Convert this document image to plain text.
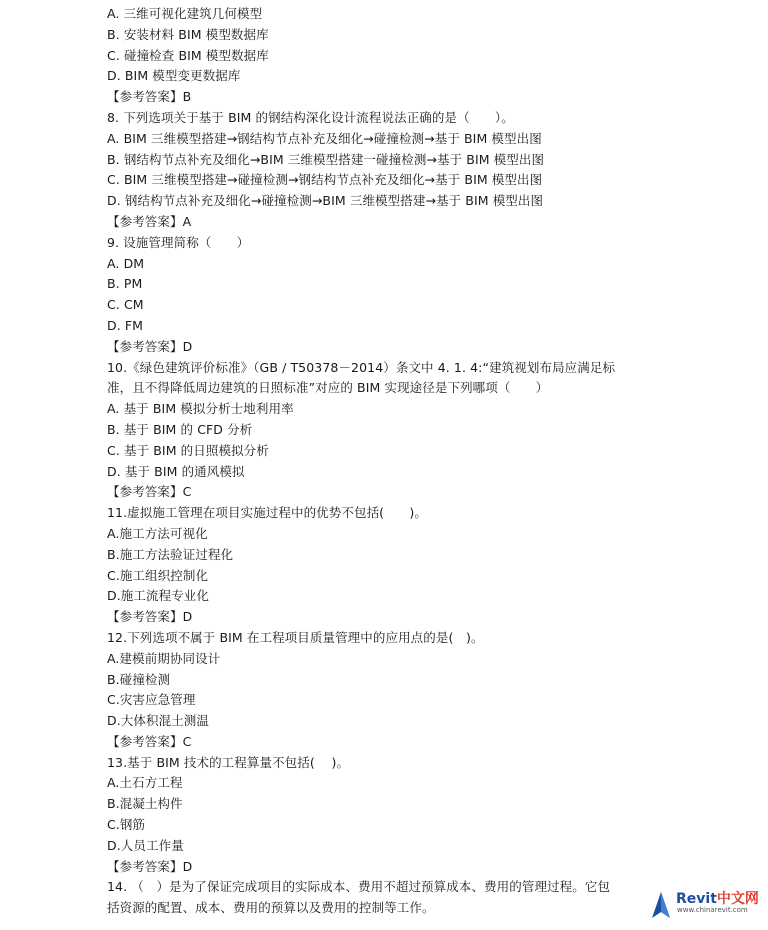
A. 三维可视化建筑几何模型
B. 安装材料 BIM 模型数据库
C. 碰撞检查 BIM 模型数据库
D. BIM 模型变更数据库
【参考答案】B
8. 下列选项关于基于 BIM 的钢结构深化设计流程说法正确的是（　　）。
A. BIM 三维模型搭建→钢结构节点补充及细化→碰撞检测→基于 BIM 模型出图
B. 钢结构节点补充及细化→BIM 三维模型搭建一碰撞检测→基于 BIM 模型出图
C. BIM 三维模型搭建→碰撞检测→钢结构节点补充及细化→基于 BIM 模型出图
D. 钢结构节点补充及细化→碰撞检测→BIM 三维模型搭建→基于 BIM 模型出图
【参考答案】A
9. 设施管理简称（　　）
A. DM
B. PM
C. CM
D. FM
【参考答案】D
10.《绿色建筑评价标准》（GB / T50378－2014）条文中 4. 1. 4:“建筑视划布局应满足标
准，且不得降低周边建筑的日照标准”对应的 BIM 实现途径是下列哪项（　　）
A. 基于 BIM 模拟分析士地利用率
B. 基于 BIM 的 CFD 分析
C. 基于 BIM 的日照模拟分析
D. 基于 BIM 的通风模拟
【参考答案】C
11.虚拟施工管理在项目实施过程中的优势不包括(　　)。
A.施工方法可视化
B.施工方法验证过程化
C.施工组织控制化
D.施工流程专业化
【参考答案】D
12.下列选项不属于 BIM 在工程项目质量管理中的应用点的是(　)。
A.建模前期协同设计
B.碰撞检测
C.灾害应急管理
D.大体积混土测温
【参考答案】C
13.基于 BIM 技术的工程算量不包括(　 )。
A.土石方工程
B.混凝土构件
C.钢筋
D.人员工作量
【参考答案】D
14. （　）是为了保证完成项目的实际成本、费用不超过预算成本、费用的管理过程。它包
括资源的配置、成本、费用的预算以及费用的控制等工作。
Revit中文网
www.chinarevit.com
